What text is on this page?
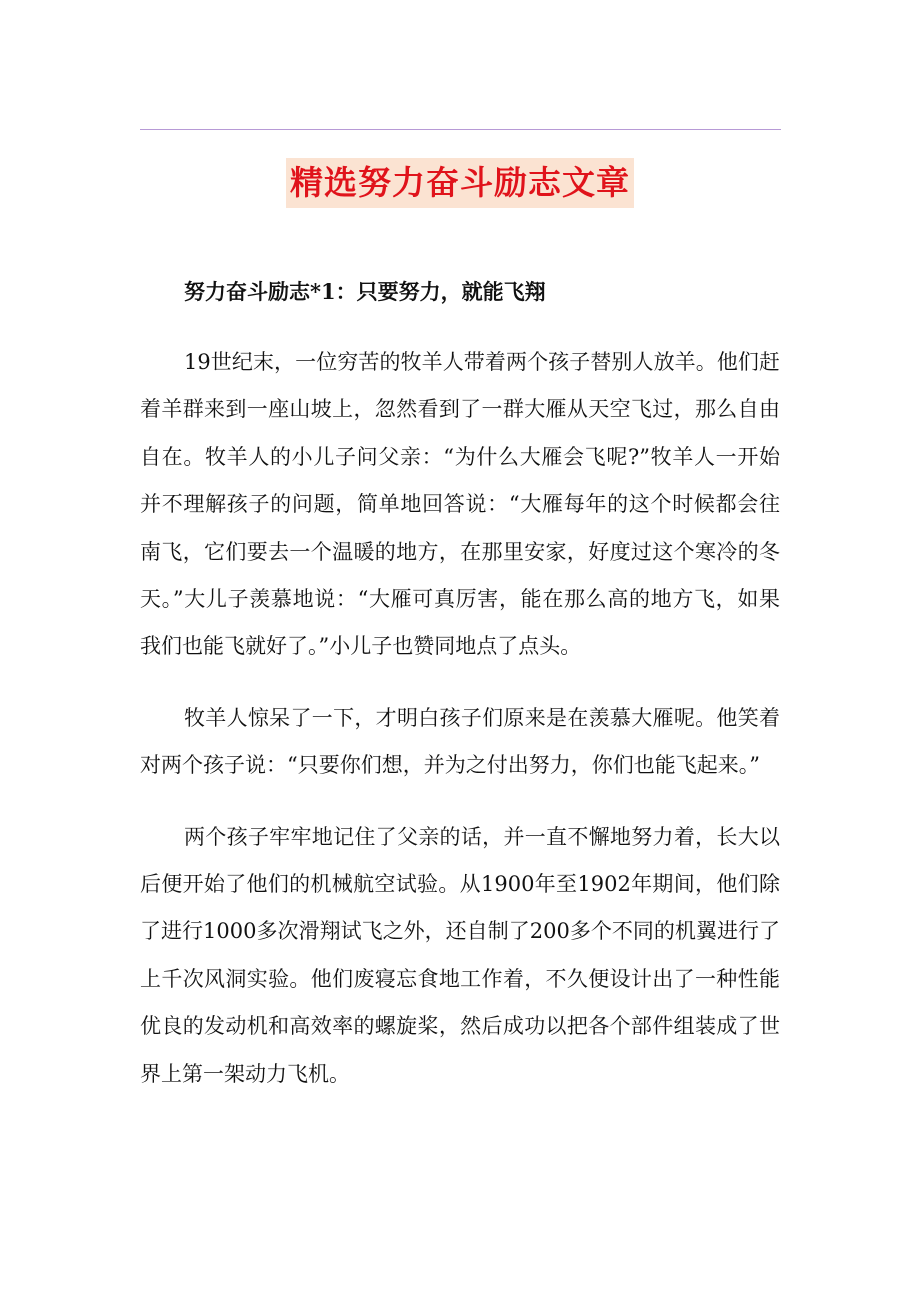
精选努力奋斗励志文章

努力奋斗励志*1：只要努力，就能飞翔

19世纪末，一位穷苦的牧羊人带着两个孩子替别人放羊。他们赶着羊群来到一座山坡上，忽然看到了一群大雁从天空飞过，那么自由自在。牧羊人的小儿子问父亲：“为什么大雁会飞呢?”牧羊人一开始并不理解孩子的问题，简单地回答说：“大雁每年的这个时候都会往南飞，它们要去一个温暖的地方，在那里安家，好度过这个寒冷的冬天。”大儿子羡慕地说：“大雁可真厉害，能在那么高的地方飞，如果我们也能飞就好了。”小儿子也赞同地点了点头。

牧羊人惊呆了一下，才明白孩子们原来是在羡慕大雁呢。他笑着对两个孩子说：“只要你们想，并为之付出努力，你们也能飞起来。”

两个孩子牢牢地记住了父亲的话，并一直不懈地努力着，长大以后便开始了他们的机械航空试验。从1900年至1902年期间，他们除了进行1000多次滑翔试飞之外，还自制了200多个不同的机翼进行了上千次风洞实验。他们废寝忘食地工作着，不久便设计出了一种性能优良的发动机和高效率的螺旋桨，然后成功以把各个部件组装成了世界上第一架动力飞机。
